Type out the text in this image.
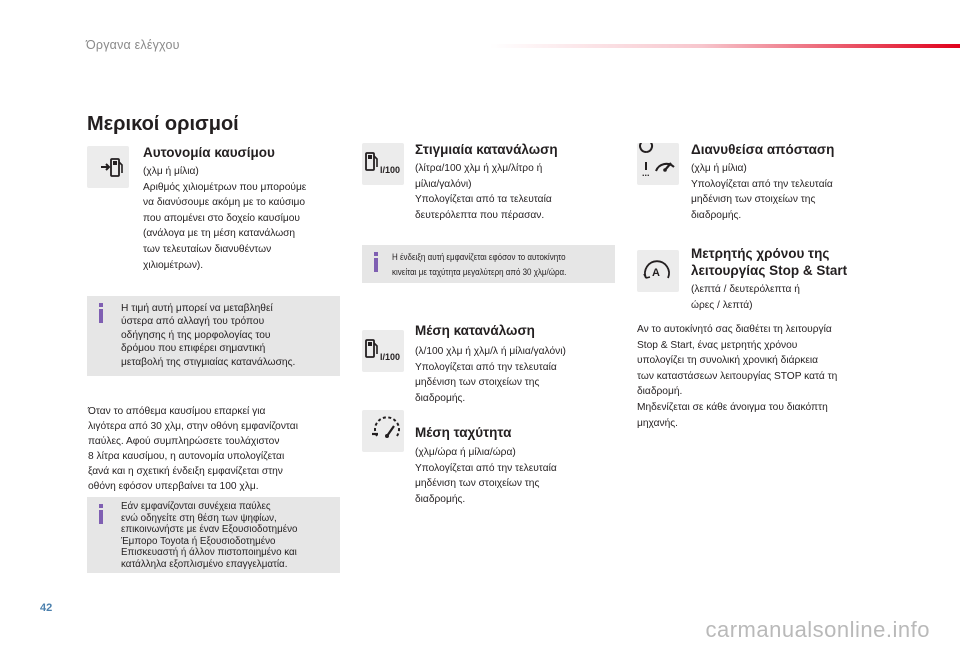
Όργανα ελέγχου
Μερικοί ορισμοί
Αυτονομία καυσίμου
(χλμ ή μίλια)
Αριθμός χιλιομέτρων που μπορούμε
να διανύσουμε ακόμη με το καύσιμο
που απομένει στο δοχείο καυσίμου
(ανάλογα με τη μέση κατανάλωση
των τελευταίων διανυθέντων
χιλιομέτρων).
Η τιμή αυτή μπορεί να μεταβληθεί
ύστερα από αλλαγή του τρόπου
οδήγησης ή της μορφολογίας του
δρόμου που επιφέρει σημαντική
μεταβολή της στιγμιαίας κατανάλωσης.
Όταν το απόθεμα καυσίμου επαρκεί για
λιγότερα από 30 χλμ, στην οθόνη εμφανίζονται
παύλες. Αφού συμπληρώσετε τουλάχιστον
8 λίτρα καυσίμου, η αυτονομία υπολογίζεται
ξανά και η σχετική ένδειξη εμφανίζεται στην
οθόνη εφόσον υπερβαίνει τα 100 χλμ.
Εάν εμφανίζονται συνέχεια παύλες
ενώ οδηγείτε στη θέση των ψηφίων,
επικοινωνήστε με έναν Εξουσιοδοτημένο
Έμπορο Toyota ή Εξουσιοδοτημένο
Επισκευαστή ή άλλον πιστοποιημένο και
κατάλληλα εξοπλισμένο επαγγελματία.
l/100
Στιγμιαία κατανάλωση
(λίτρα/100 χλμ ή χλμ/λίτρο ή
μίλια/γαλόνι)
Υπολογίζεται από τα τελευταία
δευτερόλεπτα που πέρασαν.
Η ένδειξη αυτή εμφανίζεται εφόσον το αυτοκίνητο
κινείται με ταχύτητα μεγαλύτερη από 30 χλμ/ώρα.
l/100
Μέση κατανάλωση
(λ/100 χλμ ή χλμ/λ ή μίλια/γαλόνι)
Υπολογίζεται από την τελευταία
μηδένιση των στοιχείων της
διαδρομής.
Μέση ταχύτητα
(χλμ/ώρα ή μίλια/ώρα)
Υπολογίζεται από την τελευταία
μηδένιση των στοιχείων της
διαδρομής.
...
Διανυθείσα απόσταση
(χλμ ή μίλια)
Υπολογίζεται από την τελευταία
μηδένιση των στοιχείων της
διαδρομής.
A
Μετρητής χρόνου της
λειτουργίας Stop & Start
(λεπτά / δευτερόλεπτα ή
ώρες / λεπτά)
Αν το αυτοκίνητό σας διαθέτει τη λειτουργία
Stop & Start, ένας μετρητής χρόνου
υπολογίζει τη συνολική χρονική διάρκεια
των καταστάσεων λειτουργίας STOP κατά τη
διαδρομή.
Μηδενίζεται σε κάθε άνοιγμα του διακόπτη
μηχανής.
42
carmanualsonline.info
